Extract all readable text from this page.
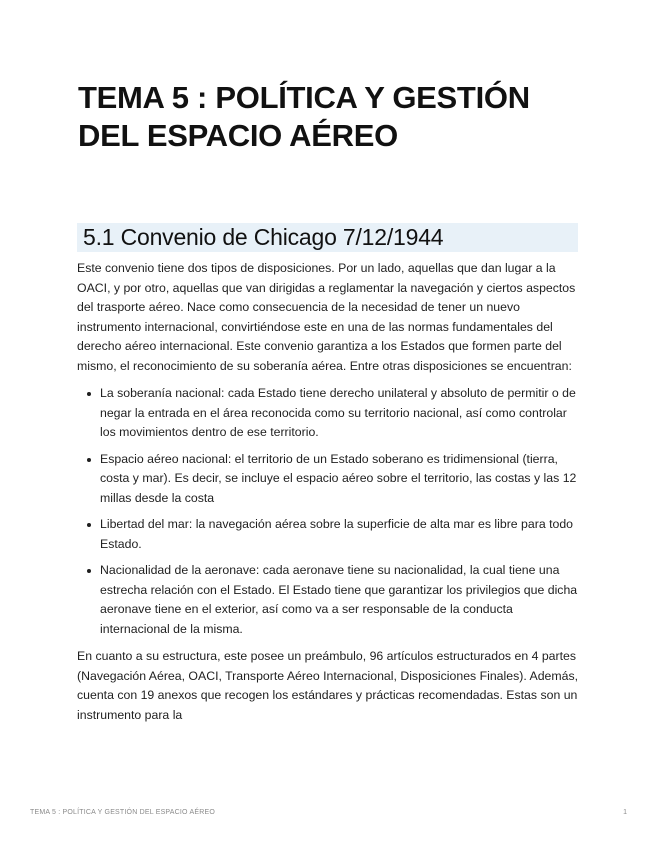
TEMA 5 : POLÍTICA Y GESTIÓN DEL ESPACIO AÉREO
5.1 Convenio de Chicago 7/12/1944

Este convenio tiene dos tipos de disposiciones. Por un lado, aquellas que dan lugar a la OACI, y por otro, aquellas que van dirigidas a reglamentar la navegación y ciertos aspectos del trasporte aéreo. Nace como consecuencia de la necesidad de tener un nuevo instrumento internacional, convirtiéndose este en una de las normas fundamentales del derecho aéreo internacional. Este convenio garantiza a los Estados que formen parte del mismo, el reconocimiento de su soberanía aérea. Entre otras disposiciones se encuentran:

La soberanía nacional: cada Estado tiene derecho unilateral y absoluto de permitir o de negar la entrada en el área reconocida como su territorio nacional, así como controlar los movimientos dentro de ese territorio.
Espacio aéreo nacional: el territorio de un Estado soberano es tridimensional (tierra, costa y mar). Es decir, se incluye el espacio aéreo sobre el territorio, las costas y las 12 millas desde la costa
Libertad del mar: la navegación aérea sobre la superficie de alta mar es libre para todo Estado.
Nacionalidad de la aeronave: cada aeronave tiene su nacionalidad, la cual tiene una estrecha relación con el Estado. El Estado tiene que garantizar los privilegios que dicha aeronave tiene en el exterior, así como va a ser responsable de la conducta internacional de la misma.

En cuanto a su estructura, este posee un preámbulo, 96 artículos estructurados en 4 partes (Navegación Aérea, OACI, Transporte Aéreo Internacional, Disposiciones Finales). Además, cuenta con 19 anexos que recogen los estándares y prácticas recomendadas. Estas son un instrumento para la

TEMA 5 : POLÍTICA Y GESTIÓN DEL ESPACIO AÉREO	1
